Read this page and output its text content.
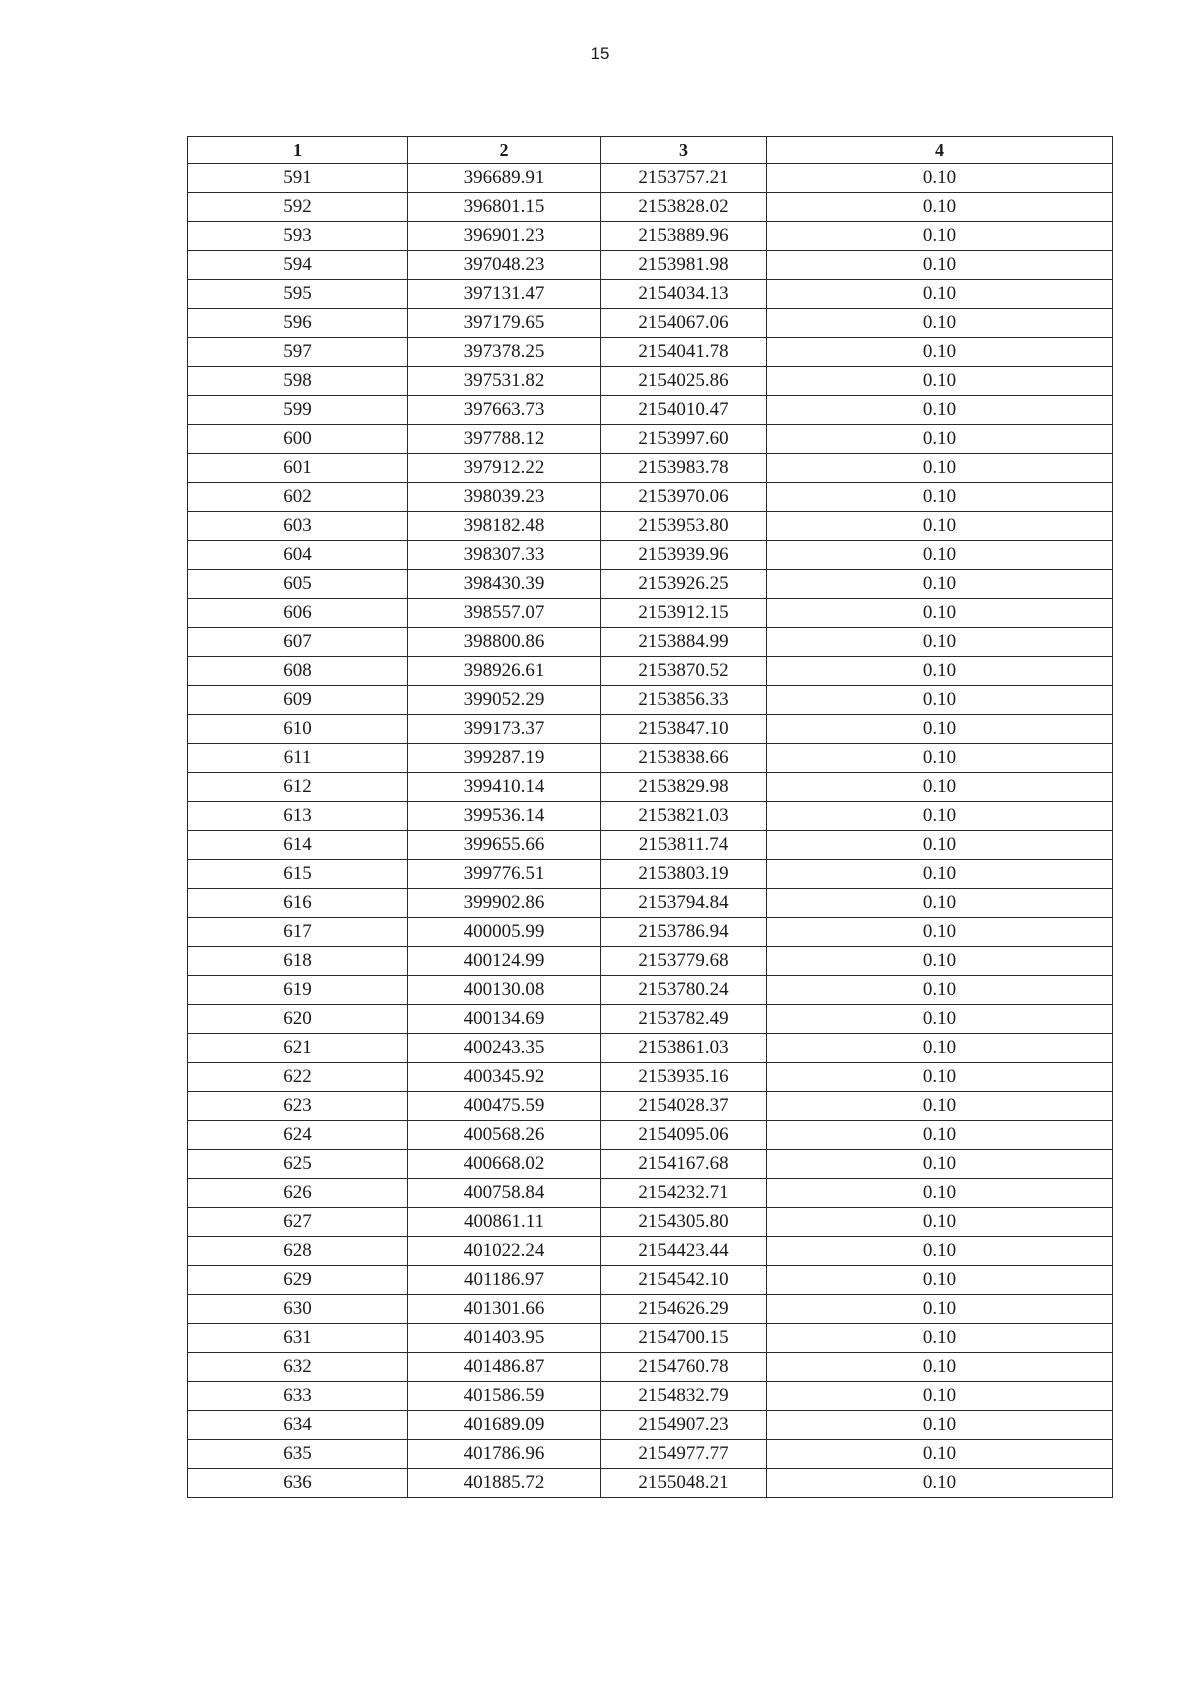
15
1	2	3	4
591	396689.91	2153757.21	0.10
592	396801.15	2153828.02	0.10
593	396901.23	2153889.96	0.10
594	397048.23	2153981.98	0.10
595	397131.47	2154034.13	0.10
596	397179.65	2154067.06	0.10
597	397378.25	2154041.78	0.10
598	397531.82	2154025.86	0.10
599	397663.73	2154010.47	0.10
600	397788.12	2153997.60	0.10
601	397912.22	2153983.78	0.10
602	398039.23	2153970.06	0.10
603	398182.48	2153953.80	0.10
604	398307.33	2153939.96	0.10
605	398430.39	2153926.25	0.10
606	398557.07	2153912.15	0.10
607	398800.86	2153884.99	0.10
608	398926.61	2153870.52	0.10
609	399052.29	2153856.33	0.10
610	399173.37	2153847.10	0.10
611	399287.19	2153838.66	0.10
612	399410.14	2153829.98	0.10
613	399536.14	2153821.03	0.10
614	399655.66	2153811.74	0.10
615	399776.51	2153803.19	0.10
616	399902.86	2153794.84	0.10
617	400005.99	2153786.94	0.10
618	400124.99	2153779.68	0.10
619	400130.08	2153780.24	0.10
620	400134.69	2153782.49	0.10
621	400243.35	2153861.03	0.10
622	400345.92	2153935.16	0.10
623	400475.59	2154028.37	0.10
624	400568.26	2154095.06	0.10
625	400668.02	2154167.68	0.10
626	400758.84	2154232.71	0.10
627	400861.11	2154305.80	0.10
628	401022.24	2154423.44	0.10
629	401186.97	2154542.10	0.10
630	401301.66	2154626.29	0.10
631	401403.95	2154700.15	0.10
632	401486.87	2154760.78	0.10
633	401586.59	2154832.79	0.10
634	401689.09	2154907.23	0.10
635	401786.96	2154977.77	0.10
636	401885.72	2155048.21	0.10
